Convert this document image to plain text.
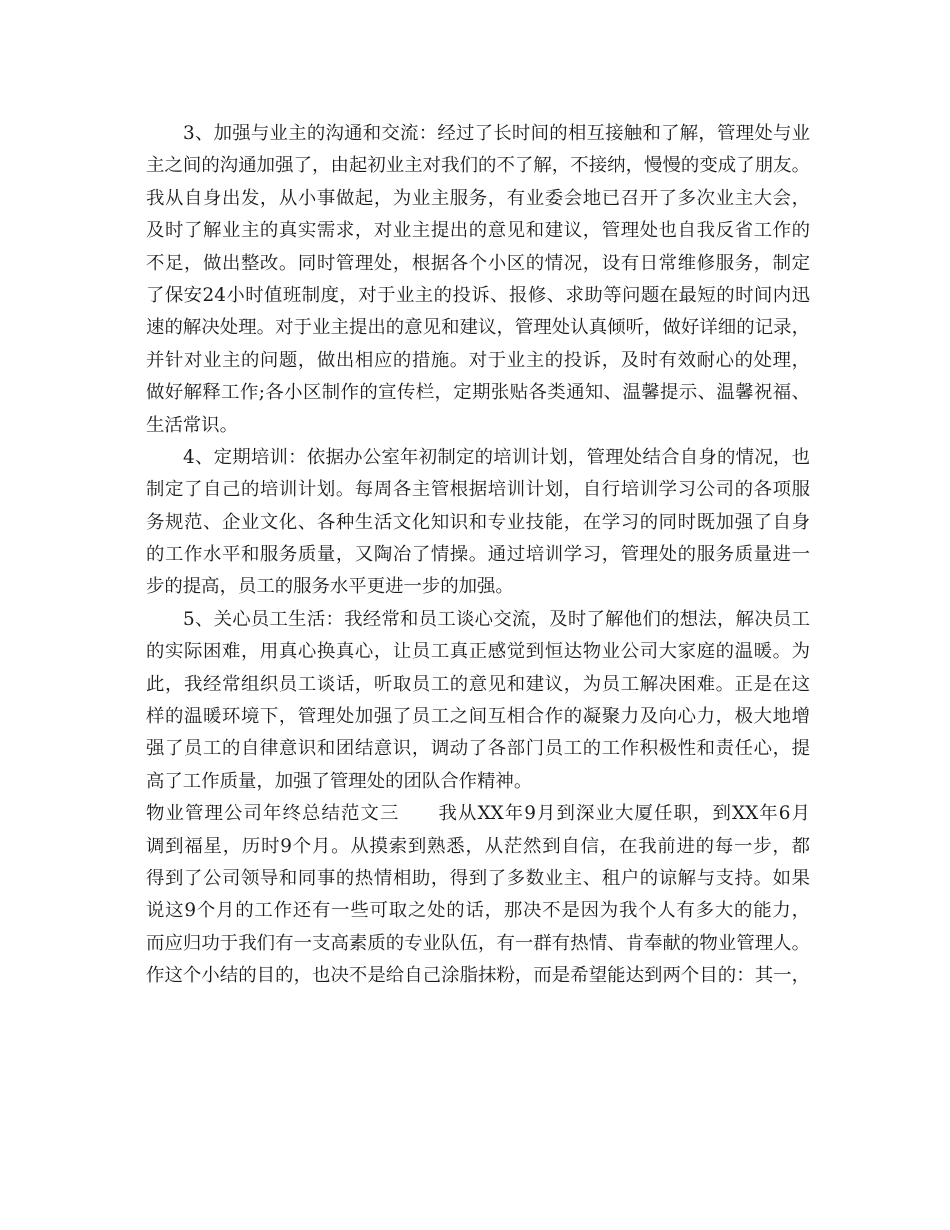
3、加强与业主的沟通和交流：经过了长时间的相互接触和了解，管理处与业
主之间的沟通加强了，由起初业主对我们的不了解，不接纳，慢慢的变成了朋友。
我从自身出发，从小事做起，为业主服务，有业委会地已召开了多次业主大会，
及时了解业主的真实需求，对业主提出的意见和建议，管理处也自我反省工作的
不足，做出整改。同时管理处，根据各个小区的情况，设有日常维修服务，制定
了保安24小时值班制度，对于业主的投诉、报修、求助等问题在最短的时间内迅
速的解决处理。对于业主提出的意见和建议，管理处认真倾听，做好详细的记录，
并针对业主的问题，做出相应的措施。对于业主的投诉，及时有效耐心的处理，
做好解释工作;各小区制作的宣传栏，定期张贴各类通知、温馨提示、温馨祝福、
生活常识。
4、定期培训：依据办公室年初制定的培训计划，管理处结合自身的情况，也
制定了自己的培训计划。每周各主管根据培训计划，自行培训学习公司的各项服
务规范、企业文化、各种生活文化知识和专业技能，在学习的同时既加强了自身
的工作水平和服务质量，又陶冶了情操。通过培训学习，管理处的服务质量进一
步的提高，员工的服务水平更进一步的加强。
5、关心员工生活：我经常和员工谈心交流，及时了解他们的想法，解决员工
的实际困难，用真心换真心，让员工真正感觉到恒达物业公司大家庭的温暖。为
此，我经常组织员工谈话，听取员工的意见和建议，为员工解决困难。正是在这
样的温暖环境下，管理处加强了员工之间互相合作的凝聚力及向心力，极大地增
强了员工的自律意识和团结意识，调动了各部门员工的工作积极性和责任心，提
高了工作质量，加强了管理处的团队合作精神。
物业管理公司年终总结范文三　　我从XX年9月到深业大厦任职，到XX年6月
调到福星，历时9个月。从摸索到熟悉，从茫然到自信，在我前进的每一步，都
得到了公司领导和同事的热情相助，得到了多数业主、租户的谅解与支持。如果
说这9个月的工作还有一些可取之处的话，那决不是因为我个人有多大的能力，
而应归功于我们有一支高素质的专业队伍，有一群有热情、肯奉献的物业管理人。
作这个小结的目的，也决不是给自己涂脂抹粉，而是希望能达到两个目的：其一，
